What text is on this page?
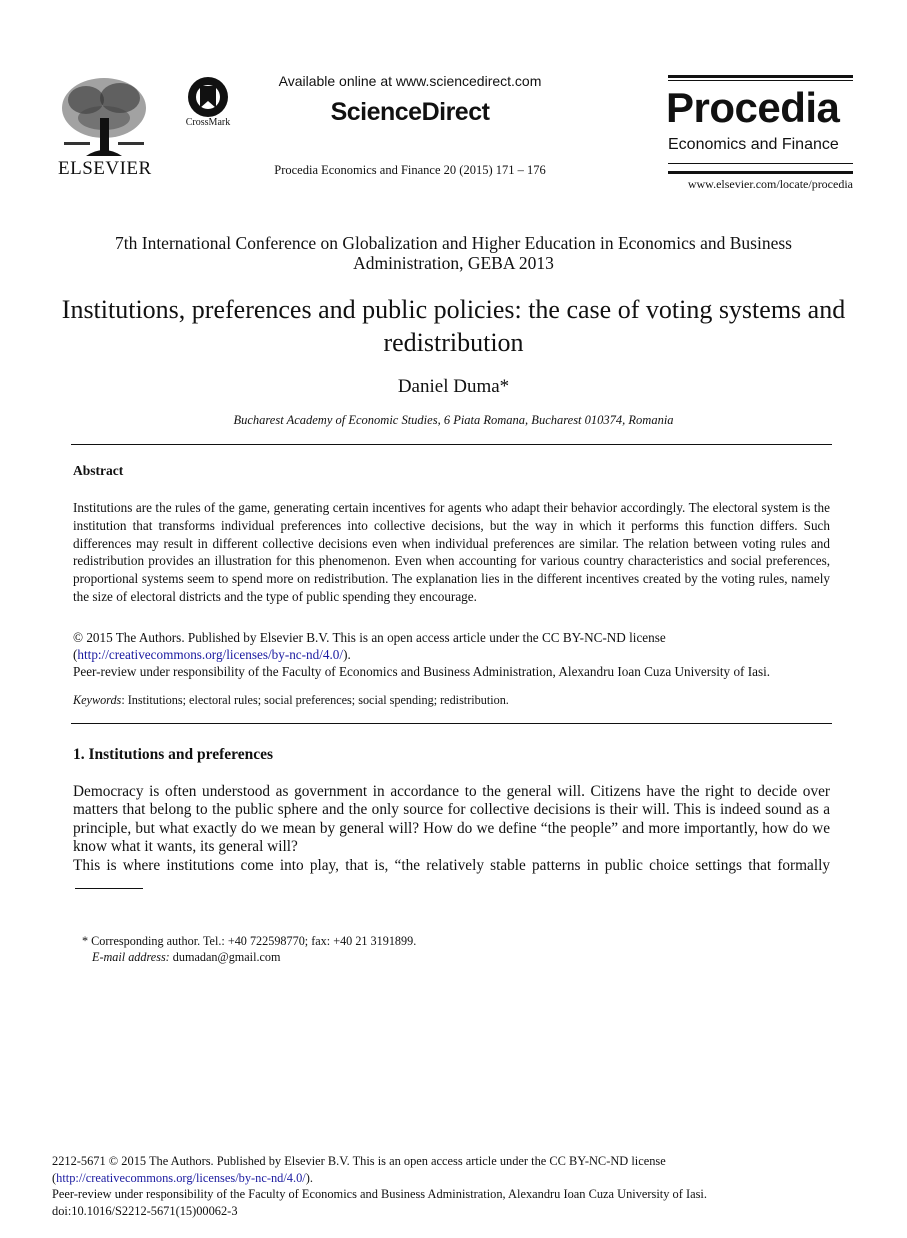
ELSEVIER
CrossMark
Available online at www.sciencedirect.com
ScienceDirect
Procedia Economics and Finance 20 (2015) 171 – 176
Procedia
Economics and Finance
www.elsevier.com/locate/procedia
7th International Conference on Globalization and Higher Education in Economics and Business Administration, GEBA 2013
Institutions, preferences and public policies: the case of voting systems and redistribution
Daniel Duma*
Bucharest Academy of Economic Studies, 6 Piata Romana, Bucharest 010374, Romania
Abstract
Institutions are the rules of the game, generating certain incentives for agents who adapt their behavior accordingly. The electoral system is the institution that transforms individual preferences into collective decisions, but the way in which it performs this function differs. Such differences may result in different collective decisions even when individual preferences are similar. The relation between voting rules and redistribution provides an illustration for this phenomenon. Even when accounting for various country characteristics and social preferences, proportional systems seem to spend more on redistribution. The explanation lies in the different incentives created by the voting rules, namely the size of electoral districts and the type of public spending they encourage.
© 2015 The Authors. Published by Elsevier B.V. This is an open access article under the CC BY-NC-ND license
(http://creativecommons.org/licenses/by-nc-nd/4.0/).
Peer-review under responsibility of the Faculty of Economics and Business Administration, Alexandru Ioan Cuza University of Iasi.
Keywords: Institutions; electoral rules; social preferences; social spending; redistribution.
1. Institutions and preferences
Democracy is often understood as government in accordance to the general will. Citizens have the right to decide over matters that belong to the public sphere and the only source for collective decisions is their will. This is indeed sound as a principle, but what exactly do we mean by general will? How do we define “the people” and more importantly, how do we know what it wants, its general will?
This is where institutions come into play, that is, “the relatively stable patterns in public choice settings that formally
* Corresponding author. Tel.: +40 722598770; fax: +40 21 3191899.
E-mail address: dumadan@gmail.com
2212-5671 © 2015 The Authors. Published by Elsevier B.V. This is an open access article under the CC BY-NC-ND license
(http://creativecommons.org/licenses/by-nc-nd/4.0/).
Peer-review under responsibility of the Faculty of Economics and Business Administration, Alexandru Ioan Cuza University of Iasi.
doi:10.1016/S2212-5671(15)00062-3
